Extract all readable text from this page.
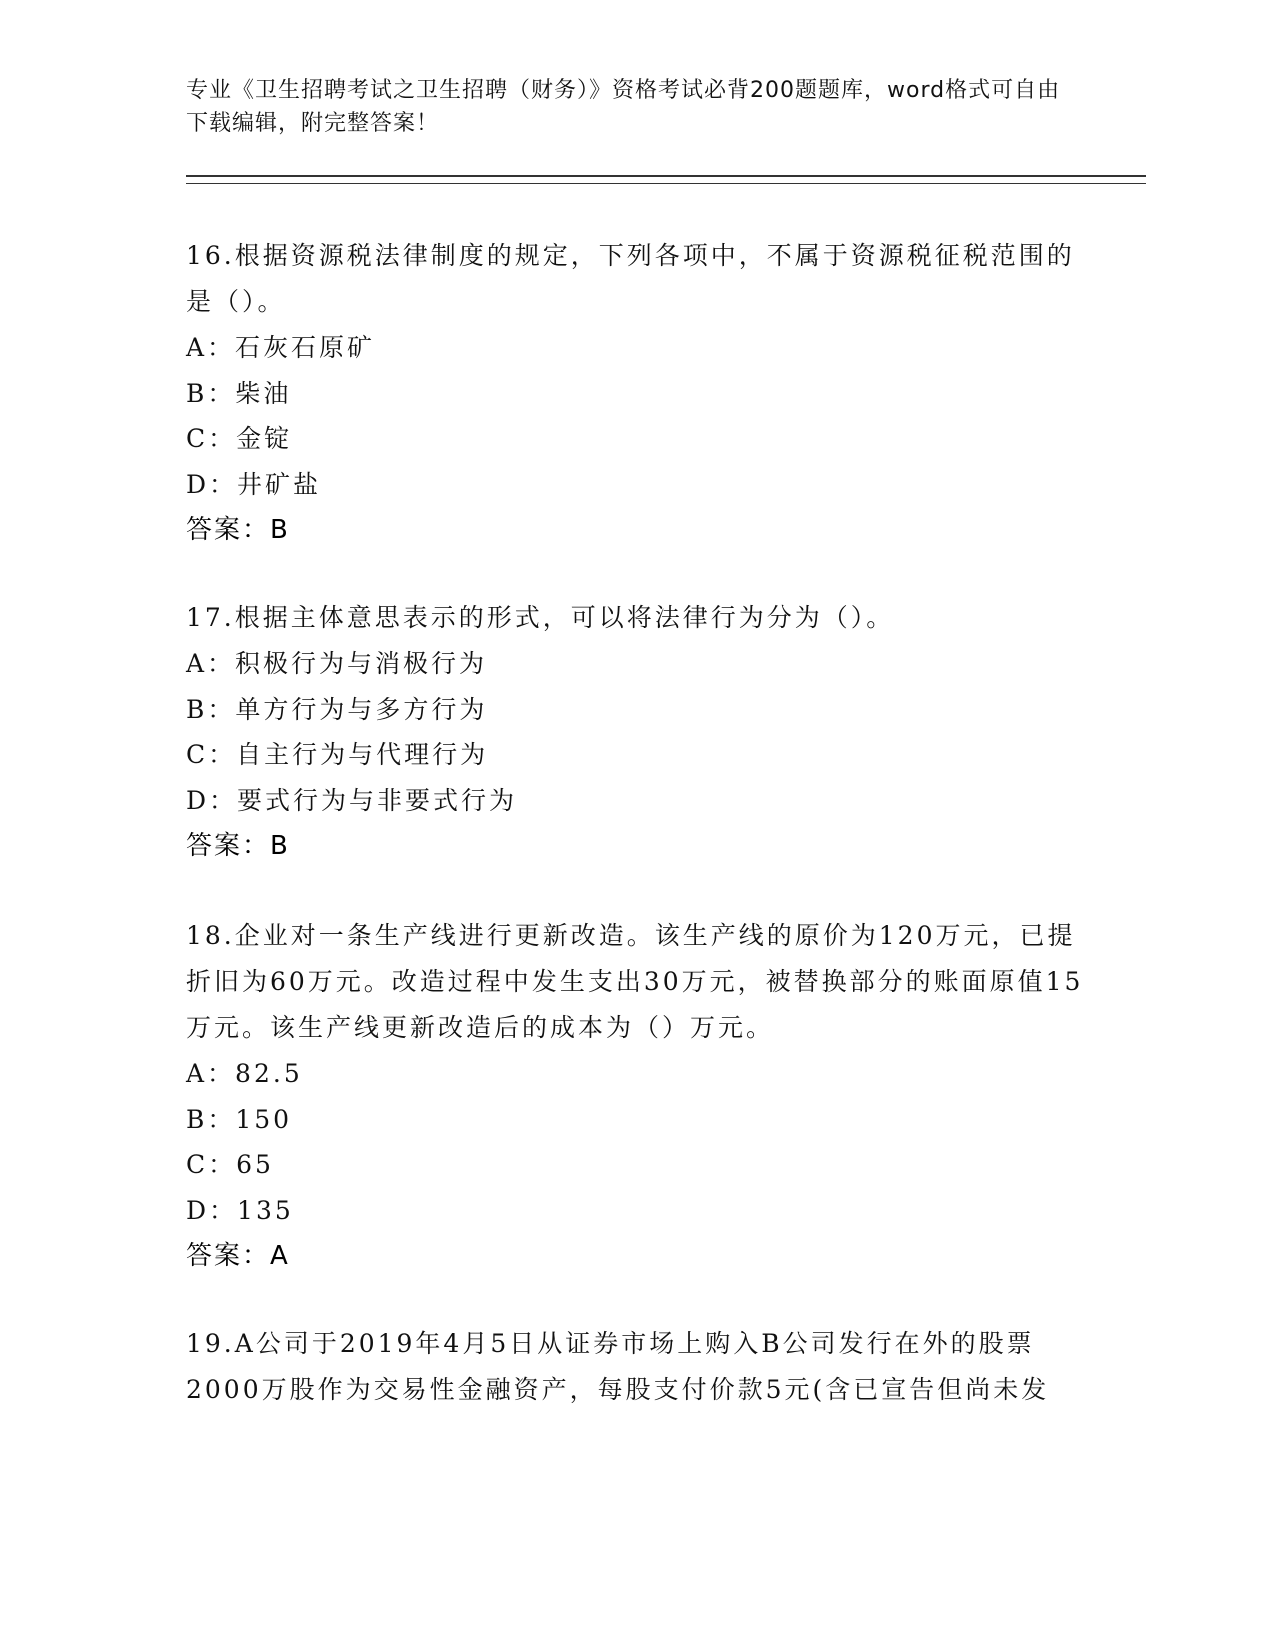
专业《卫生招聘考试之卫生招聘（财务）》资格考试必背200题题库，word格式可自由下载编辑，附完整答案！
16.根据资源税法律制度的规定，下列各项中，不属于资源税征税范围的是（）。
A：石灰石原矿
B：柴油
C：金锭
D：井矿盐
答案：B
17.根据主体意思表示的形式，可以将法律行为分为（）。
A：积极行为与消极行为
B：单方行为与多方行为
C：自主行为与代理行为
D：要式行为与非要式行为
答案：B
18.企业对一条生产线进行更新改造。该生产线的原价为120万元，已提折旧为60万元。改造过程中发生支出30万元，被替换部分的账面原值15万元。该生产线更新改造后的成本为（）万元。
A：82.5
B：150
C：65
D：135
答案：A
19.A公司于2019年4月5日从证券市场上购入B公司发行在外的股票2000万股作为交易性金融资产，每股支付价款5元(含已宣告但尚未发
